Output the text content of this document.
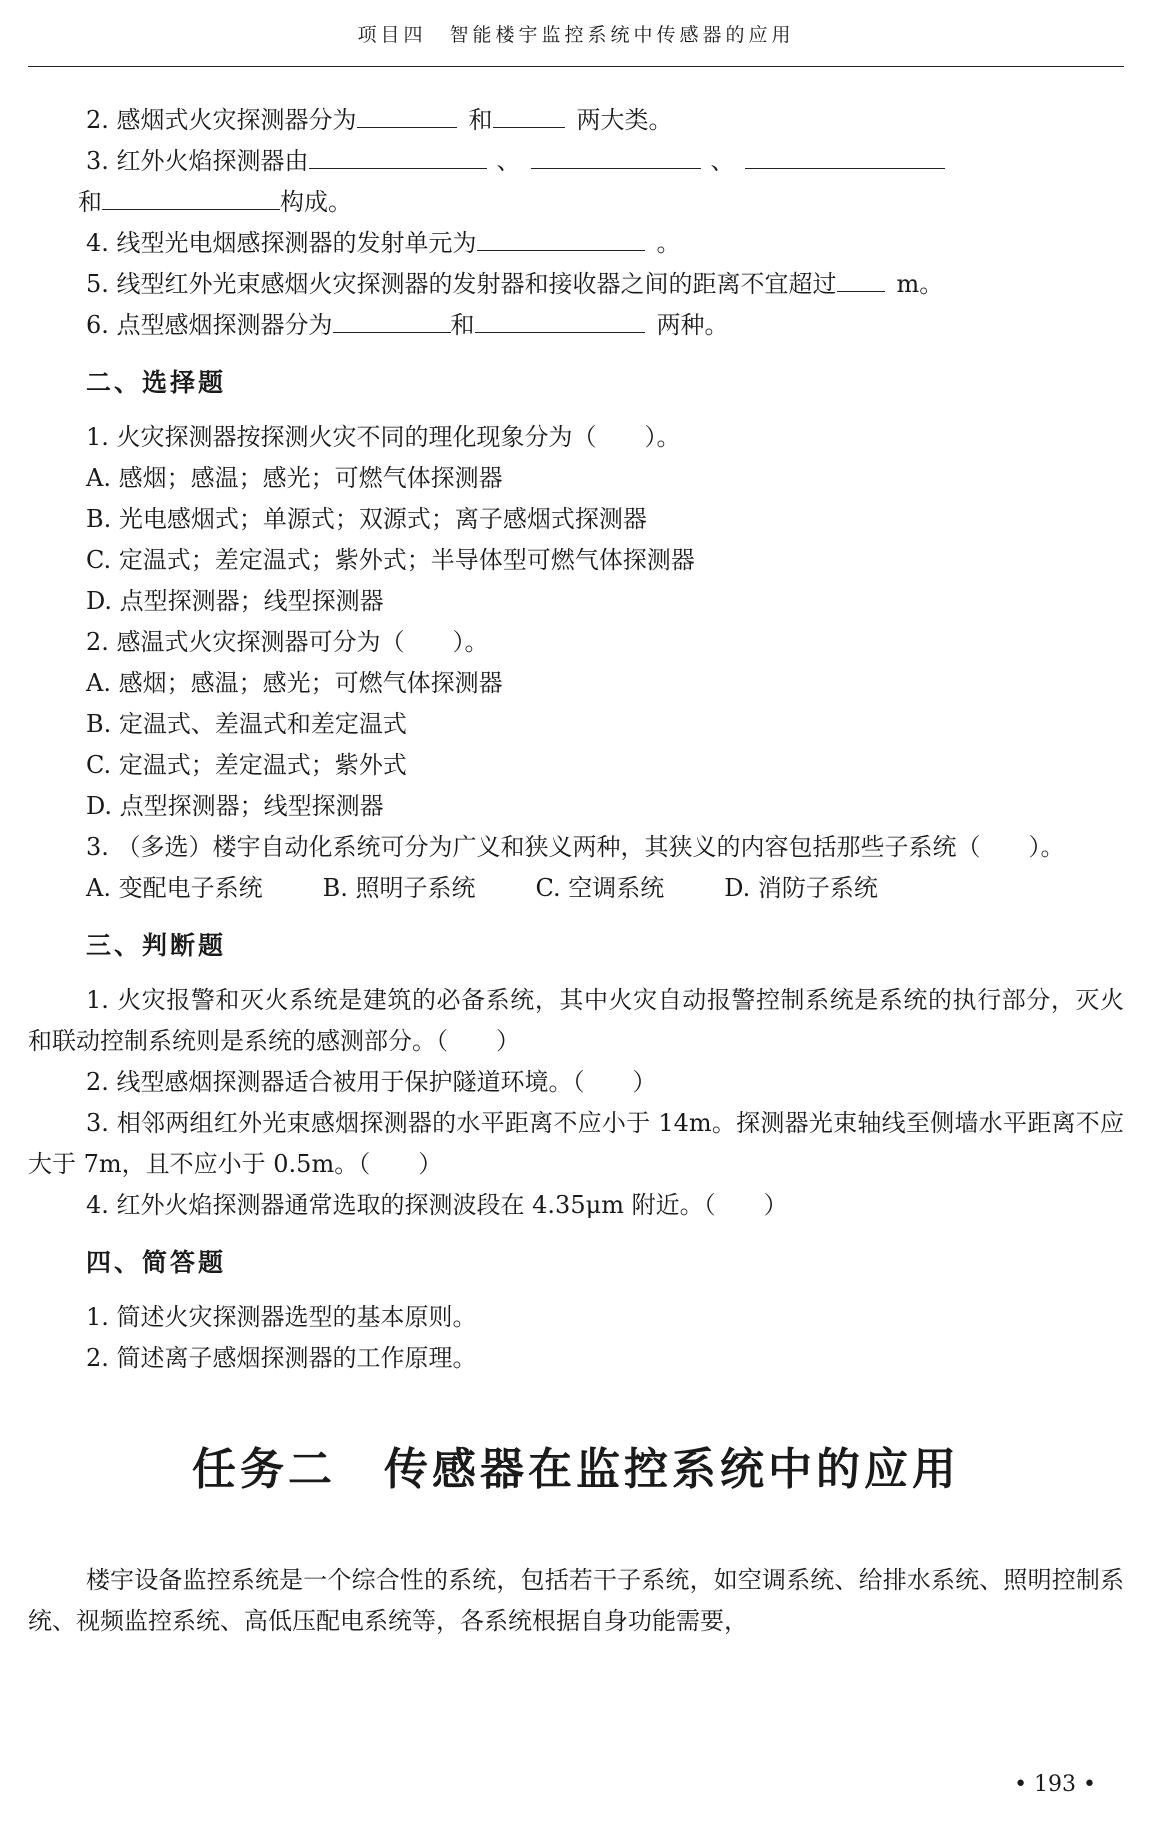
项目四　智能楼宇监控系统中传感器的应用
2. 感烟式火灾探测器分为	和	两大类。
3. 红外火焰探测器由	、	、
和	构成。
4. 线型光电烟感探测器的发射单元为	。
5. 线型红外光束感烟火灾探测器的发射器和接收器之间的距离不宜超过	m。
6. 点型感烟探测器分为	和	两种。
二、选择题
1. 火灾探测器按探测火灾不同的理化现象分为（　　）。
A. 感烟；感温；感光；可燃气体探测器
B. 光电感烟式；单源式；双源式；离子感烟式探测器
C. 定温式；差定温式；紫外式；半导体型可燃气体探测器
D. 点型探测器；线型探测器
2. 感温式火灾探测器可分为（　　）。
A. 感烟；感温；感光；可燃气体探测器
B. 定温式、差温式和差定温式
C. 定温式；差定温式；紫外式
D. 点型探测器；线型探测器
3. （多选）楼宇自动化系统可分为广义和狭义两种，其狭义的内容包括那些子系统（　　）。
A. 变配电子系统	B. 照明子系统	C. 空调系统	D. 消防子系统
三、判断题
1. 火灾报警和灭火系统是建筑的必备系统，其中火灾自动报警控制系统是系统的执行部分，灭火和联动控制系统则是系统的感测部分。（　　）
2. 线型感烟探测器适合被用于保护隧道环境。（　　）
3. 相邻两组红外光束感烟探测器的水平距离不应小于 14m。探测器光束轴线至侧墙水平距离不应大于 7m，且不应小于 0.5m。（　　）
4. 红外火焰探测器通常选取的探测波段在 4.35μm 附近。（　　）
四、简答题
1. 简述火灾探测器选型的基本原则。
2. 简述离子感烟探测器的工作原理。
任务二　传感器在监控系统中的应用
楼宇设备监控系统是一个综合性的系统，包括若干子系统，如空调系统、给排水系统、照明控制系统、视频监控系统、高低压配电系统等，各系统根据自身功能需要，
• 193 •
